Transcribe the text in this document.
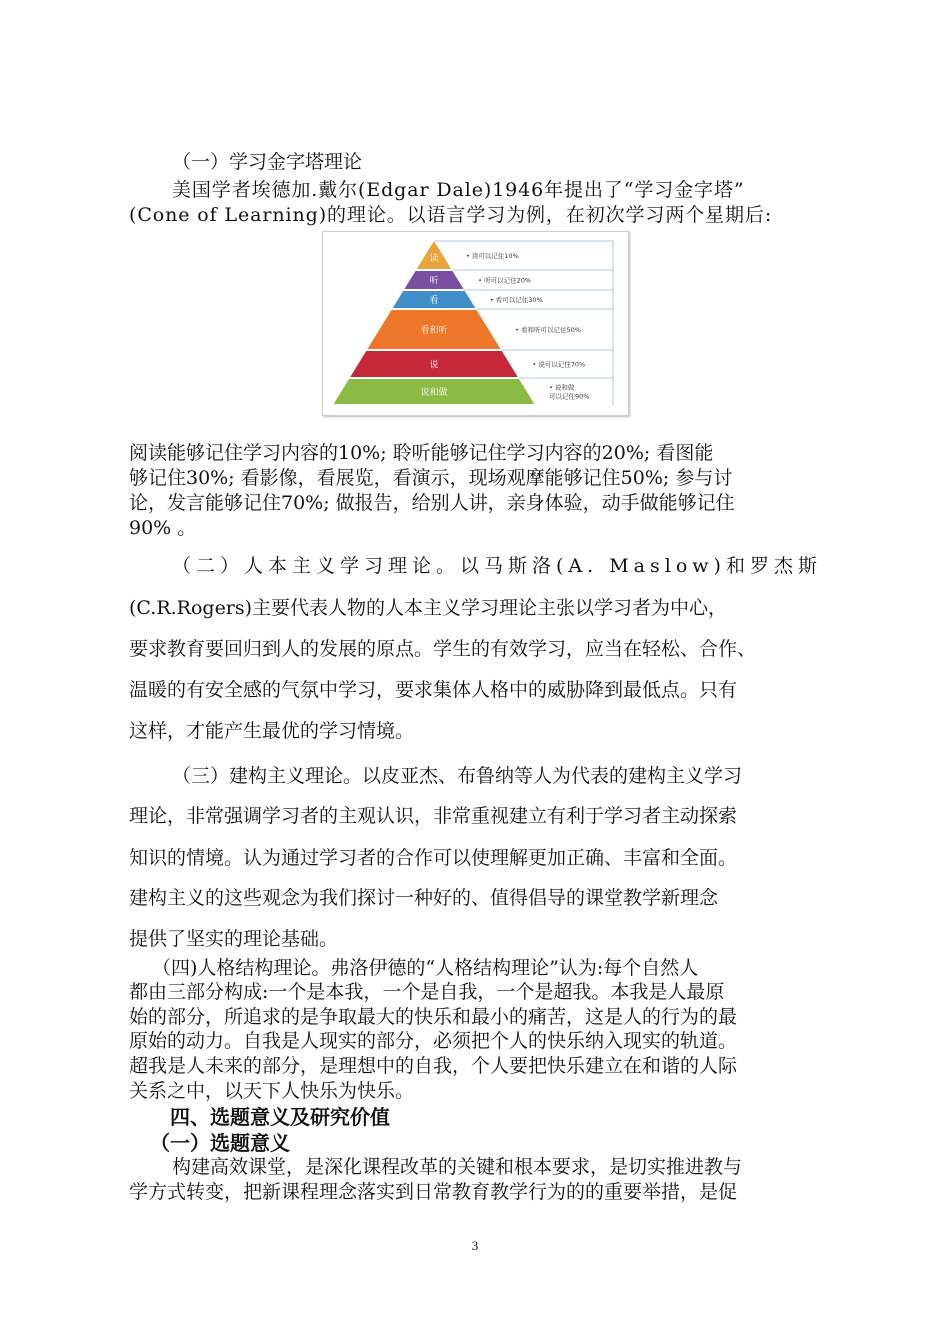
（一）学习金字塔理论
美国学者埃德加.戴尔(Edgar Dale)1946年提出了“学习金字塔”
(Cone of Learning)的理论。以语言学习为例，在初次学习两个星期后:
读	• 读可以记住10%
听	• 听可以记住20%
看	• 看可以记住30%
看和听	• 看和听可以记住50%
说	• 说可以记住70%
说和做
• 说和做
可以记住90%
阅读能够记住学习内容的10%; 聆听能够记住学习内容的20%; 看图能
够记住30%; 看影像，看展览，看演示，现场观摩能够记住50%; 参与讨
论，发言能够记住70%; 做报告，给别人讲，亲身体验，动手做能够记住
90% 。
（二）人本主义学习理论。以马斯洛(A. Maslow)和罗杰斯
(C.R.Rogers)主要代表人物的人本主义学习理论主张以学习者为中心，
要求教育要回归到人的发展的原点。学生的有效学习，应当在轻松、合作、
温暖的有安全感的气氛中学习，要求集体人格中的威胁降到最低点。只有
这样，才能产生最优的学习情境。
（三）建构主义理论。以皮亚杰、布鲁纳等人为代表的建构主义学习
理论，非常强调学习者的主观认识，非常重视建立有利于学习者主动探索
知识的情境。认为通过学习者的合作可以使理解更加正确、丰富和全面。
建构主义的这些观念为我们探讨一种好的、值得倡导的课堂教学新理念
提供了坚实的理论基础。
（四)人格结构理论。弗洛伊德的“人格结构理论”认为:每个自然人
都由三部分构成:一个是本我，一个是自我，一个是超我。本我是人最原
始的部分，所追求的是争取最大的快乐和最小的痛苦，这是人的行为的最
原始的动力。自我是人现实的部分，必须把个人的快乐纳入现实的轨道。
超我是人未来的部分，是理想中的自我，个人要把快乐建立在和谐的人际
关系之中，以天下人快乐为快乐。
四、选题意义及研究价值
（一）选题意义
构建高效课堂，是深化课程改革的关键和根本要求，是切实推进教与
学方式转变，把新课程理念落实到日常教育教学行为的的重要举措，是促
3
